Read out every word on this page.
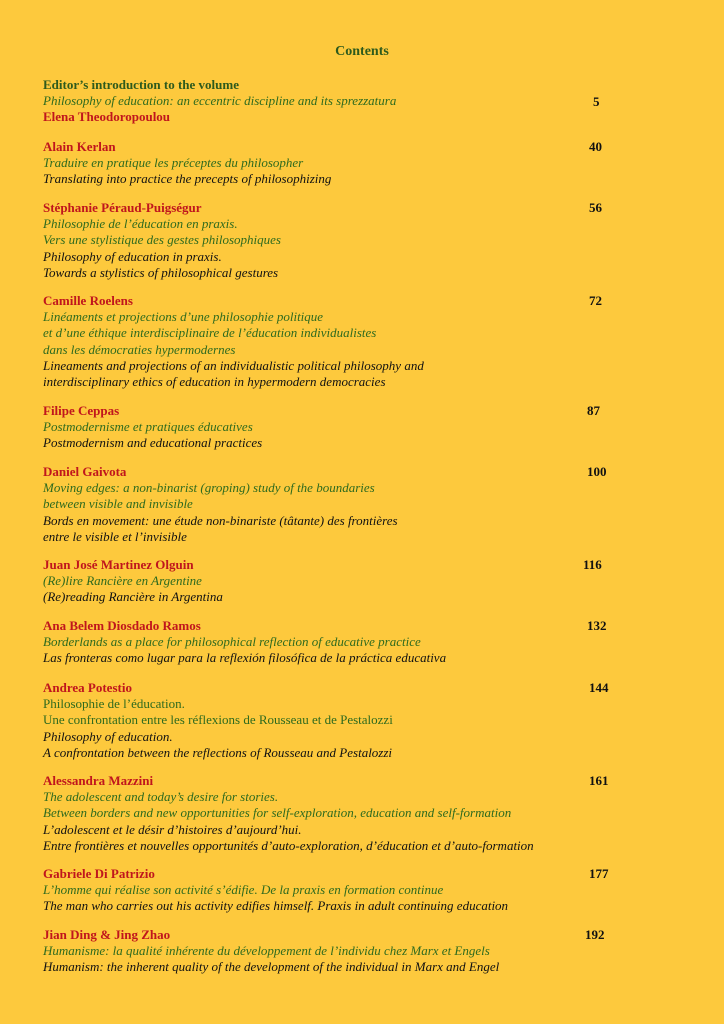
Contents
Editor’s introduction to the volume
Philosophy of education: an eccentric discipline and its sprezzatura
Elena Theodoropoulou
5
Alain Kerlan
Traduire en pratique les préceptes du philosopher
Translating into practice the precepts of philosophizing
40
Stéphanie Péraud-Puigségur
Philosophie de l’éducation en praxis.
Vers une stylistique des gestes philosophiques
Philosophy of education in praxis.
Towards a stylistics of philosophical gestures
56
Camille Roelens
Linéaments et projections d’une philosophie politique
et d’une éthique interdisciplinaire de l’éducation individualistes
dans les démocraties hypermodernes
Lineaments and projections of an individualistic political philosophy and
interdisciplinary ethics of education in hypermodern democracies
72
Filipe Ceppas
Postmodernisme et pratiques éducatives
Postmodernism and educational practices
87
Daniel Gaivota
Moving edges: a non-binarist (groping) study of the boundaries
between visible and invisible
Bords en movement: une étude non-binariste (tâtante) des frontières
entre le visible et l’invisible
100
Juan José Martinez Olguin
(Re)lire Rancière en Argentine
(Re)reading Rancière in Argentina
116
Ana Belem Diosdado Ramos
Borderlands as a place for philosophical reflection of educative practice
Las fronteras como lugar para la reflexión filosófica de la práctica educativa
132
Andrea Potestio
Philosophie de l’éducation.
Une confrontation entre les réflexions de Rousseau et de Pestalozzi
Philosophy of education.
A confrontation between the reflections of Rousseau and Pestalozzi
144
Alessandra Mazzini
The adolescent and today’s desire for stories.
Between borders and new opportunities for self-exploration, education and self-formation
L’adolescent et le désir d’histoires d’aujourd’hui.
Entre frontières et nouvelles opportunités d’auto-exploration, d’éducation et d’auto-formation
161
Gabriele Di Patrizio
L’homme qui réalise son activité s’édifie. De la praxis en formation continue
The man who carries out his activity edifies himself. Praxis in adult continuing education
177
Jian Ding & Jing Zhao
Humanisme: la qualité inhérente du développement de l’individu chez Marx et Engels
Humanism: the inherent quality of the development of the individual in Marx and Engel
192
